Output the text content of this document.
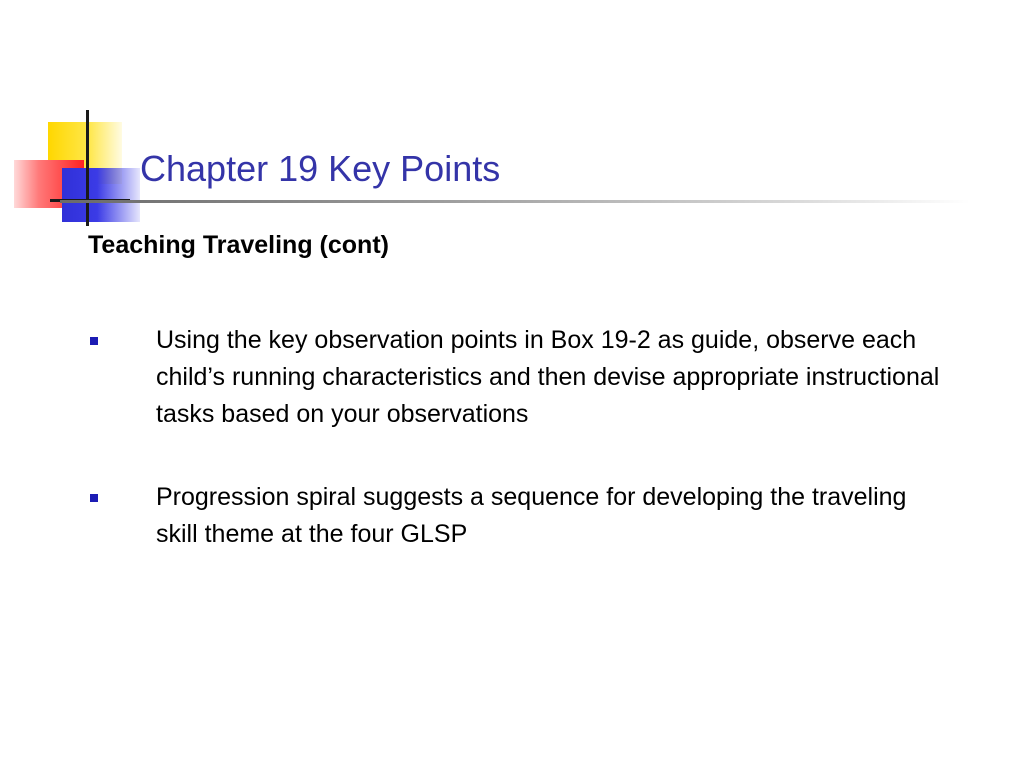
Chapter 19 Key Points
Teaching Traveling (cont)
Using the key observation points in Box 19-2 as guide, observe each child’s running characteristics and then devise appropriate instructional tasks based on your observations
Progression spiral suggests a sequence for developing the traveling skill theme at the four GLSP
